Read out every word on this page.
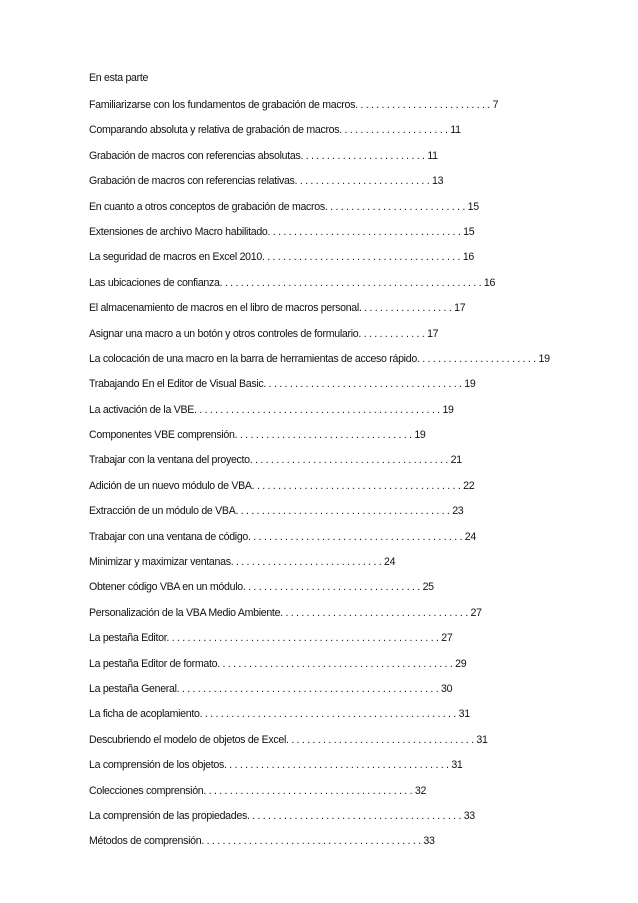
En esta parte
Familiarizarse con los fundamentos de grabación de macros. . . . . . . . . . . . . . . . . . . . . . . . . . 7
Comparando absoluta y relativa de grabación de macros. . . . . . . . . . . . . . . . . . . . . 11
Grabación de macros con referencias absolutas. . . . . . . . . . . . . . . . . . . . . . . . 11
Grabación de macros con referencias relativas. . . . . . . . . . . . . . . . . . . . . . . . . . 13
En cuanto a otros conceptos de grabación de macros. . . . . . . . . . . . . . . . . . . . . . . . . . . 15
Extensiones de archivo Macro habilitado. . . . . . . . . . . . . . . . . . . . . . . . . . . . . . . . . . . . . 15
La seguridad de macros en Excel 2010. . . . . . . . . . . . . . . . . . . . . . . . . . . . . . . . . . . . . . 16
Las ubicaciones de confianza. . . . . . . . . . . . . . . . . . . . . . . . . . . . . . . . . . . . . . . . . . . . . . . . . . 16
El almacenamiento de macros en el libro de macros personal. . . . . . . . . . . . . . . . . . 17
Asignar una macro a un botón y otros controles de formulario. . . . . . . . . . . . . 17
La colocación de una macro en la barra de herramientas de acceso rápido. . . . . . . . . . . . . . . . . . . . . . . 19
Trabajando En el Editor de Visual Basic. . . . . . . . . . . . . . . . . . . . . . . . . . . . . . . . . . . . . . 19
La activación de la VBE. . . . . . . . . . . . . . . . . . . . . . . . . . . . . . . . . . . . . . . . . . . . . . . 19
Componentes VBE comprensión. . . . . . . . . . . . . . . . . . . . . . . . . . . . . . . . . . 19
Trabajar con la ventana del proyecto. . . . . . . . . . . . . . . . . . . . . . . . . . . . . . . . . . . . . . 21
Adición de un nuevo módulo de VBA. . . . . . . . . . . . . . . . . . . . . . . . . . . . . . . . . . . . . . . . 22
Extracción de un módulo de VBA. . . . . . . . . . . . . . . . . . . . . . . . . . . . . . . . . . . . . . . . . 23
Trabajar con una ventana de código. . . . . . . . . . . . . . . . . . . . . . . . . . . . . . . . . . . . . . . . . 24
Minimizar y maximizar ventanas. . . . . . . . . . . . . . . . . . . . . . . . . . . . . 24
Obtener código VBA en un módulo. . . . . . . . . . . . . . . . . . . . . . . . . . . . . . . . . . 25
Personalización de la VBA Medio Ambiente. . . . . . . . . . . . . . . . . . . . . . . . . . . . . . . . . . . . 27
La pestaña Editor. . . . . . . . . . . . . . . . . . . . . . . . . . . . . . . . . . . . . . . . . . . . . . . . . . . . 27
La pestaña Editor de formato. . . . . . . . . . . . . . . . . . . . . . . . . . . . . . . . . . . . . . . . . . . . . 29
La pestaña General. . . . . . . . . . . . . . . . . . . . . . . . . . . . . . . . . . . . . . . . . . . . . . . . . . 30
La ficha de acoplamiento. . . . . . . . . . . . . . . . . . . . . . . . . . . . . . . . . . . . . . . . . . . . . . . . . 31
Descubriendo el modelo de objetos de Excel. . . . . . . . . . . . . . . . . . . . . . . . . . . . . . . . . . . . 31
La comprensión de los objetos. . . . . . . . . . . . . . . . . . . . . . . . . . . . . . . . . . . . . . . . . . . 31
Colecciones comprensión. . . . . . . . . . . . . . . . . . . . . . . . . . . . . . . . . . . . . . . . 32
La comprensión de las propiedades. . . . . . . . . . . . . . . . . . . . . . . . . . . . . . . . . . . . . . . . . 33
Métodos de comprensión. . . . . . . . . . . . . . . . . . . . . . . . . . . . . . . . . . . . . . . . . . 33
